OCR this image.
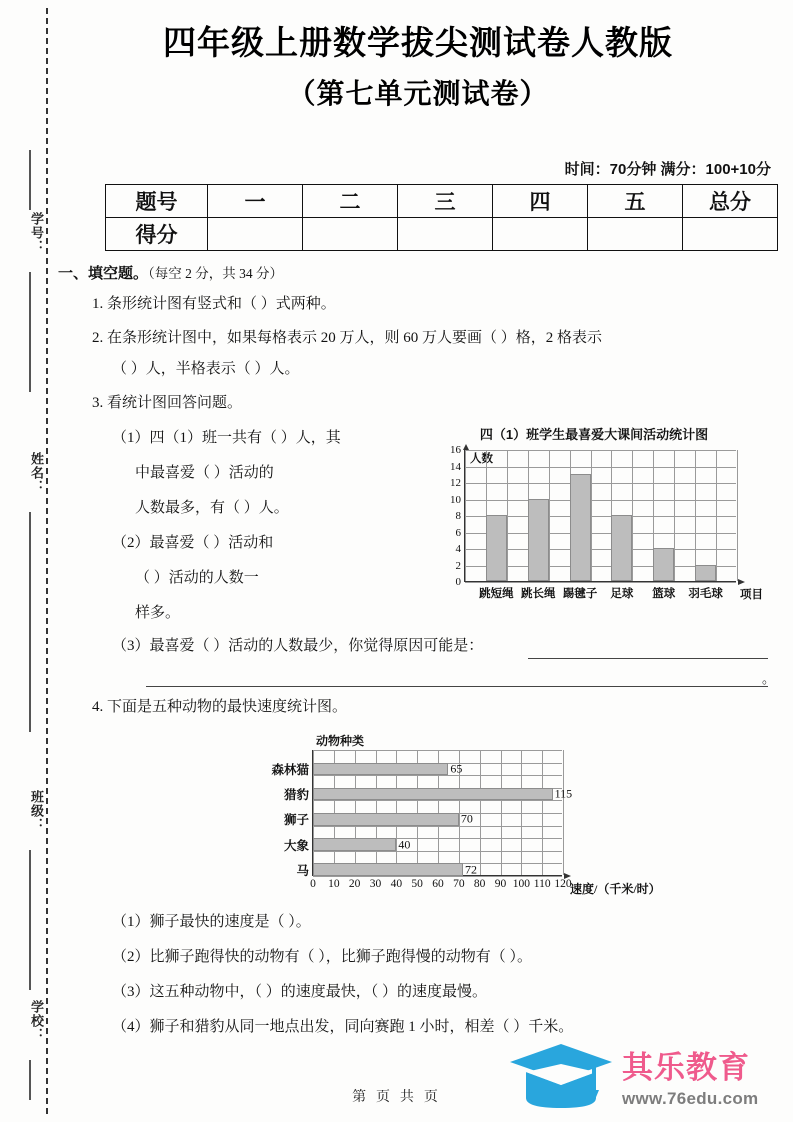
学号：
姓名：
班级：
学校：
四年级上册数学拔尖测试卷人教版
（第七单元测试卷）
时间：70分钟 满分：100+10分
题号	一	二	三	四	五	总分
得分						
一、填空题。（每空 2 分，共 34 分）
1. 条形统计图有竖式和（ ）式两种。
2. 在条形统计图中，如果每格表示 20 万人，则 60 万人要画（ ）格，2 格表示
（ ）人，半格表示（ ）人。
3. 看统计图回答问题。
（1）四（1）班一共有（ ）人，其
中最喜爱（ ）活动的
人数最多，有（ ）人。
（2）最喜爱（ ）活动和
（ ）活动的人数一
样多。
（3）最喜爱（ ）活动的人数最少，你觉得原因可能是：
。
4. 下面是五种动物的最快速度统计图。
（1）狮子最快的速度是（ ）。
（2）比狮子跑得快的动物有（ ），比狮子跑得慢的动物有（ ）。
（3）这五种动物中，（ ）的速度最快，（ ）的速度最慢。
（4）狮子和猎豹从同一地点出发，同向赛跑 1 小时，相差（ ）千米。
四（1）班学生最喜爱大课间活动统计图
人数
项目
0
2
4
6
8
10
12
14
16
跳短绳 跳长绳 踢毽子 足球 篮球 羽毛球
动物种类
速度/（千米/时）
65
115
70
40
72
森林猫
猎豹
狮子
大象
马
0 10 20 30 40 50 60 70 80 90 100 110 120
第 页 共 页
其乐教育
www.76edu.com
